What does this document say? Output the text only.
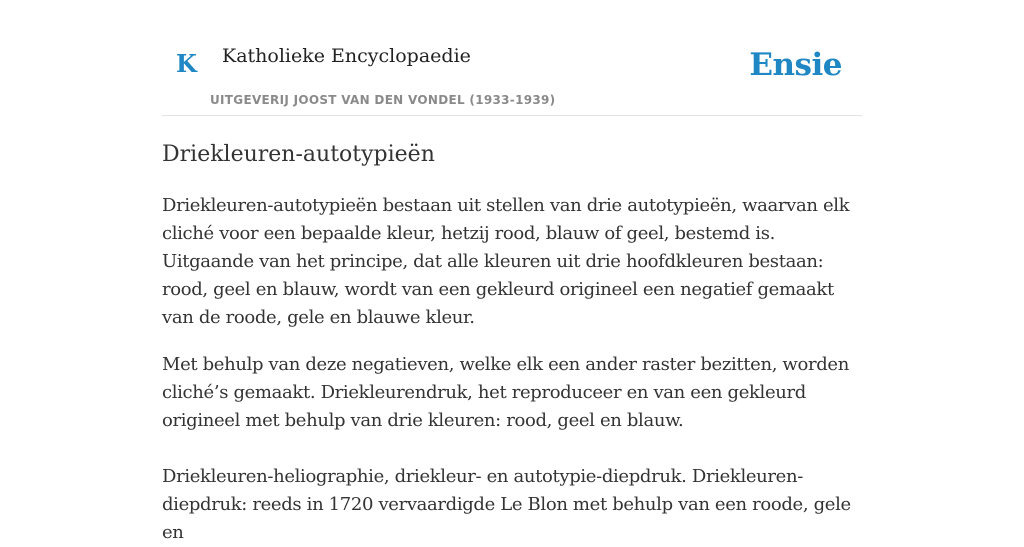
K Katholieke Encyclopaedie
UITGEVERIJ JOOST VAN DEN VONDEL (1933-1939)
Ensie
Driekleuren-autotypieën

Driekleuren-autotypieën bestaan uit stellen van drie autotypieën, waarvan elk cliché voor een bepaalde kleur, hetzij rood, blauw of geel, bestemd is. Uitgaande van het principe, dat alle kleuren uit drie hoofdkleuren bestaan: rood, geel en blauw, wordt van een gekleurd origineel een negatief gemaakt van de roode, gele en blauwe kleur.

Met behulp van deze negatieven, welke elk een ander raster bezitten, worden cliché’s gemaakt. Driekleurendruk, het reproduceer en van een gekleurd origineel met behulp van drie kleuren: rood, geel en blauw.

Driekleuren-heliographie, driekleur- en autotypie-diepdruk. Driekleuren-diepdruk: reeds in 1720 vervaardigde Le Blon met behulp van een roode, gele en
